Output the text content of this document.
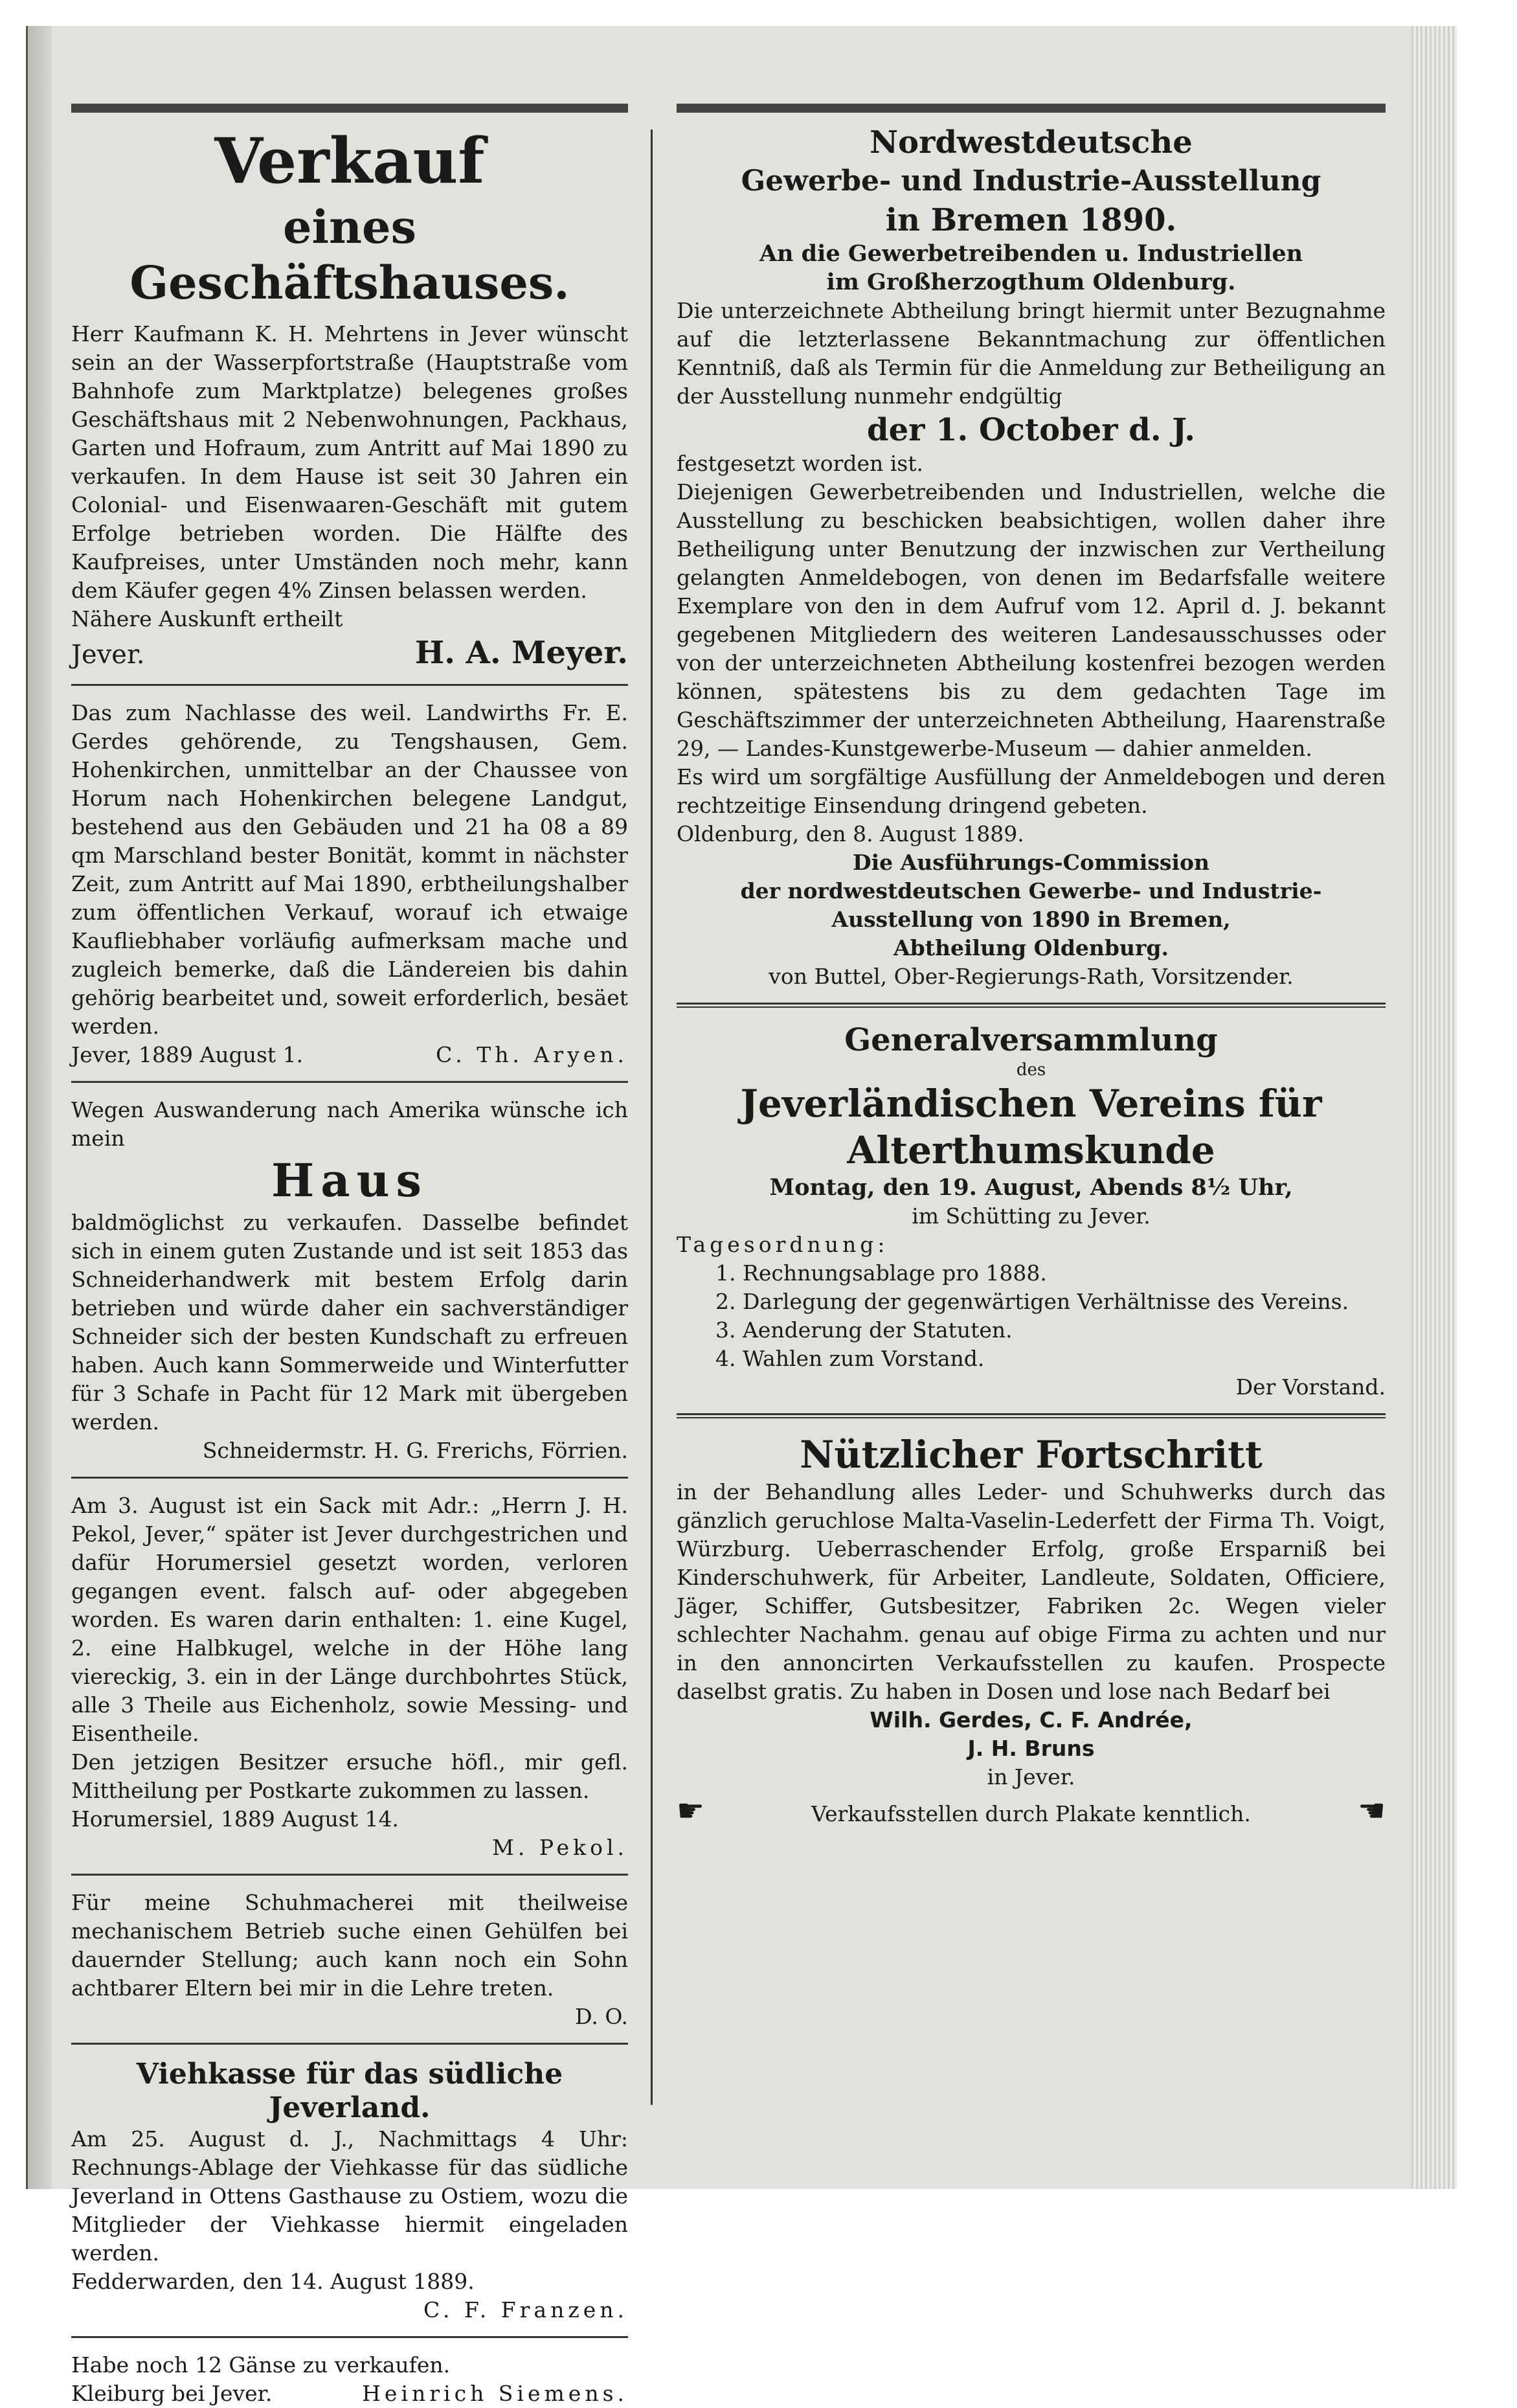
Verkauf
eines Geschäftshauses.

Herr Kaufmann K. H. Mehrtens in Jever wünscht sein an der Wasserpfortstraße (Hauptstraße vom Bahnhofe zum Marktplatze) belegenes großes Geschäftshaus mit 2 Nebenwohnungen, Packhaus, Garten und Hofraum, zum Antritt auf Mai 1890 zu verkaufen. In dem Hause ist seit 30 Jahren ein Colonial- und Eisenwaaren-Geschäft mit gutem Erfolge betrieben worden. Die Hälfte des Kaufpreises, unter Umständen noch mehr, kann dem Käufer gegen 4% Zinsen belassen werden.

Nähere Auskunft ertheilt

Jever.	H. A. Meyer.

Das zum Nachlasse des weil. Landwirths Fr. E. Gerdes gehörende, zu Tengshausen, Gem. Hohenkirchen, unmittelbar an der Chaussee von Horum nach Hohenkirchen belegene Landgut, bestehend aus den Gebäuden und 21 ha 08 a 89 qm Marschland bester Bonität, kommt in nächster Zeit, zum Antritt auf Mai 1890, erbtheilungshalber zum öffentlichen Verkauf, worauf ich etwaige Kaufliebhaber vorläufig aufmerksam mache und zugleich bemerke, daß die Ländereien bis dahin gehörig bearbeitet und, soweit erforderlich, besäet werden.

Jever, 1889 August 1.	C. Th. Aryen.

Wegen Auswanderung nach Amerika wünsche ich mein

Haus

baldmöglichst zu verkaufen. Dasselbe befindet sich in einem guten Zustande und ist seit 1853 das Schneiderhandwerk mit bestem Erfolg darin betrieben und würde daher ein sachverständiger Schneider sich der besten Kundschaft zu erfreuen haben. Auch kann Sommerweide und Winterfutter für 3 Schafe in Pacht für 12 Mark mit übergeben werden.

Schneidermstr. H. G. Frerichs, Förrien.

Am 3. August ist ein Sack mit Adr.: „Herrn J. H. Pekol, Jever,“ später ist Jever durchgestrichen und dafür Horumersiel gesetzt worden, verloren gegangen event. falsch auf- oder abgegeben worden. Es waren darin enthalten: 1. eine Kugel, 2. eine Halbkugel, welche in der Höhe lang viereckig, 3. ein in der Länge durchbohrtes Stück, alle 3 Theile aus Eichenholz, sowie Messing- und Eisentheile.

Den jetzigen Besitzer ersuche höfl., mir gefl. Mittheilung per Postkarte zukommen zu lassen.

Horumersiel, 1889 August 14.

M. Pekol.

Für meine Schuhmacherei mit theilweise mechanischem Betrieb suche einen Gehülfen bei dauernder Stellung; auch kann noch ein Sohn achtbarer Eltern bei mir in die Lehre treten.

D. O.

Viehkasse für das südliche Jeverland.

Am 25. August d. J., Nachmittags 4 Uhr: Rechnungs-Ablage der Viehkasse für das südliche Jeverland in Ottens Gasthause zu Ostiem, wozu die Mitglieder der Viehkasse hiermit eingeladen werden.

Fedderwarden, den 14. August 1889.

C. F. Franzen.

Habe noch 12 Gänse zu verkaufen.

Kleiburg bei Jever.	Heinrich Siemens.

Nordwestdeutsche
Gewerbe- und Industrie-Ausstellung
in Bremen 1890.

An die Gewerbetreibenden u. Industriellen

im Großherzogthum Oldenburg.

Die unterzeichnete Abtheilung bringt hiermit unter Bezugnahme auf die letzterlassene Bekanntmachung zur öffentlichen Kenntniß, daß als Termin für die Anmeldung zur Betheiligung an der Ausstellung nunmehr endgültig

der 1. October d. J.

festgesetzt worden ist.

Diejenigen Gewerbetreibenden und Industriellen, welche die Ausstellung zu beschicken beabsichtigen, wollen daher ihre Betheiligung unter Benutzung der inzwischen zur Vertheilung gelangten Anmeldebogen, von denen im Bedarfsfalle weitere Exemplare von den in dem Aufruf vom 12. April d. J. bekannt gegebenen Mitgliedern des weiteren Landesausschusses oder von der unterzeichneten Abtheilung kostenfrei bezogen werden können, spätestens bis zu dem gedachten Tage im Geschäftszimmer der unterzeichneten Abtheilung, Haarenstraße 29, — Landes-Kunstgewerbe-Museum — dahier anmelden.

Es wird um sorgfältige Ausfüllung der Anmeldebogen und deren rechtzeitige Einsendung dringend gebeten.

Oldenburg, den 8. August 1889.

Die Ausführungs-Commission

der nordwestdeutschen Gewerbe- und Industrie-

Ausstellung von 1890 in Bremen,

Abtheilung Oldenburg.

von Buttel, Ober-Regierungs-Rath, Vorsitzender.

Generalversammlung

des

Jeverländischen Vereins für
Alterthumskunde

Montag, den 19. August, Abends 8½ Uhr,

im Schütting zu Jever.

Tagesordnung:

1. Rechnungsablage pro 1888.

2. Darlegung der gegenwärtigen Verhältnisse des Vereins.

3. Aenderung der Statuten.

4. Wahlen zum Vorstand.

Der Vorstand.

Nützlicher Fortschritt

in der Behandlung alles Leder- und Schuhwerks durch das gänzlich geruchlose Malta-Vaselin-Lederfett der Firma Th. Voigt, Würzburg. Ueberraschender Erfolg, große Ersparniß bei Kinderschuhwerk, für Arbeiter, Landleute, Soldaten, Officiere, Jäger, Schiffer, Gutsbesitzer, Fabriken 2c. Wegen vieler schlechter Nachahm. genau auf obige Firma zu achten und nur in den annoncirten Verkaufsstellen zu kaufen. Prospecte daselbst gratis. Zu haben in Dosen und lose nach Bedarf bei

Wilh. Gerdes, C. F. Andrée,

J. H. Bruns

in Jever.

☛	Verkaufsstellen durch Plakate kenntlich.	☚
